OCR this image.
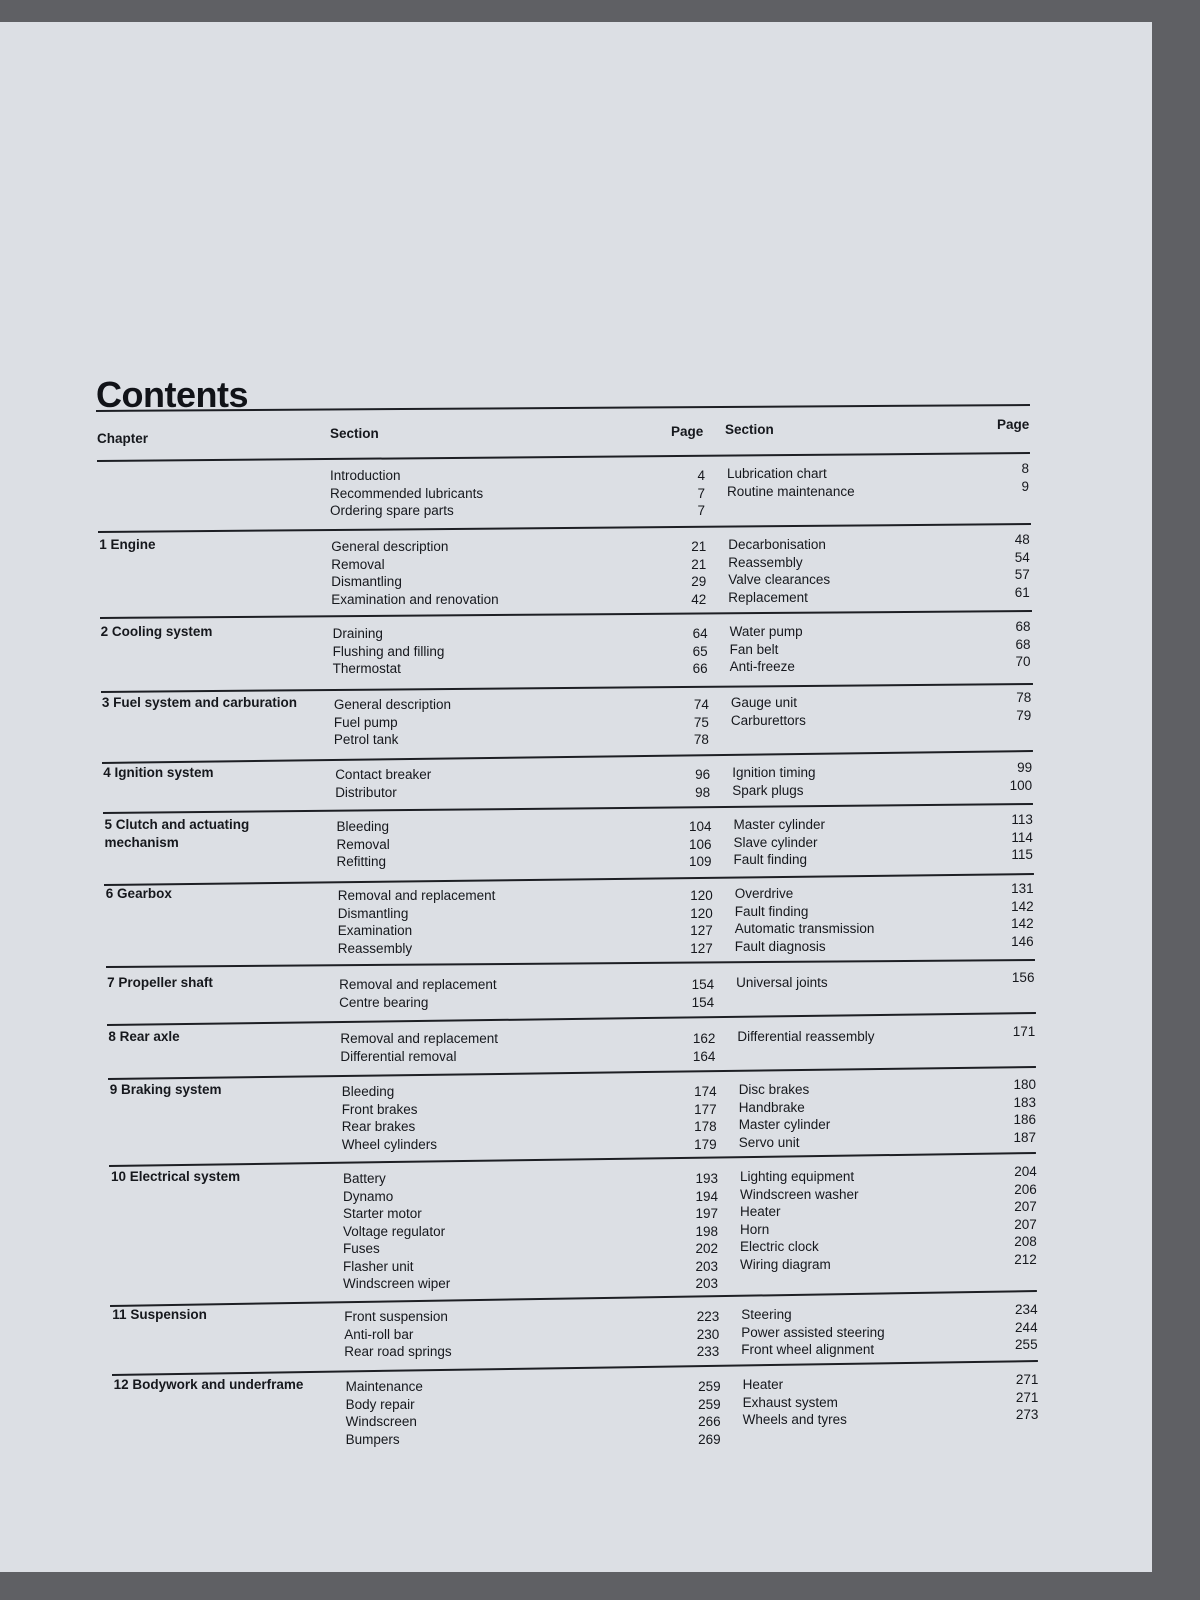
Contents
Chapter	Section	Page Section	Page
Introduction	4
Recommended lubricants	7
Ordering spare parts	7
Lubrication chart	8
Routine maintenance	9
1 Engine	General description	21
Removal	21
Dismantling	29
Examination and renovation	42
Decarbonisation	48
Reassembly	54
Valve clearances	57
Replacement	61
2 Cooling system	Draining	64
Flushing and filling	65
Thermostat	66
Water pump	68
Fan belt	68
Anti-freeze	70
3 Fuel system and carburation	General description	74
Fuel pump	75
Petrol tank	78
Gauge unit	78
Carburettors	79
4 Ignition system	Contact breaker	96
Distributor	98
Ignition timing	99
Spark plugs	100
5 Clutch and actuating mechanism
Bleeding	104
Removal	106
Refitting	109
Master cylinder	113
Slave cylinder	114
Fault finding	115
6 Gearbox	Removal and replacement	120
Dismantling	120
Examination	127
Reassembly	127
Overdrive	131
Fault finding	142
Automatic transmission	142
Fault diagnosis	146
7 Propeller shaft	Removal and replacement	154
Centre bearing	154
Universal joints	156
8 Rear axle	Removal and replacement	162
Differential removal	164
Differential reassembly	171
9 Braking system	Bleeding	174
Front brakes	177
Rear brakes	178
Wheel cylinders	179
Disc brakes	180
Handbrake	183
Master cylinder	186
Servo unit	187
10 Electrical system	Battery	193
Dynamo	194
Starter motor	197
Voltage regulator	198
Fuses	202
Flasher unit	203
Windscreen wiper	203
Lighting equipment	204
Windscreen washer	206
Heater	207
Horn	207
Electric clock	208
Wiring diagram	212
11 Suspension	Front suspension	223
Anti-roll bar	230
Rear road springs	233
Steering	234
Power assisted steering	244
Front wheel alignment	255
12 Bodywork and underframe	Maintenance	259
Body repair	259
Windscreen	266
Bumpers	269
Heater	271
Exhaust system	271
Wheels and tyres	273
